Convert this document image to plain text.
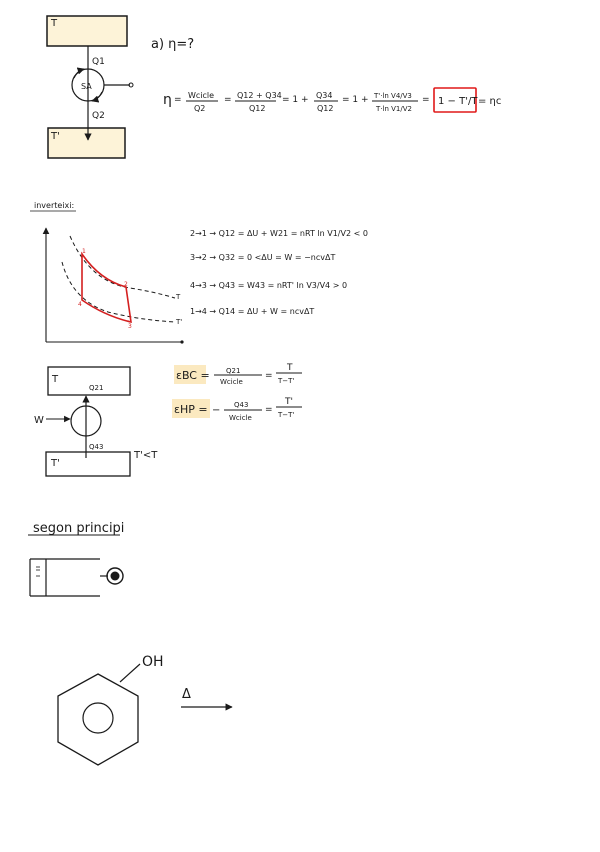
T
T'
SA
Q1
Q2
a) η=?
η = Wcicle
Q2
= Q12 + Q34
Q12
= 1 + Q34
Q12
= 1 + T'·ln V4/V3
T·ln V1/V2
= 1 − T'/T = ηc
inverteixi:
T
T'
1
2
3
4
2→1 → Q12 = ΔU + W21 = nRT ln V1/V2 < 0
3→2 → Q32 = 0 <ΔU = W = −ncvΔT
4→3 → Q43 = W43 = nRT' ln V3/V4 > 0
1→4 → Q14 = ΔU + W = ncvΔT
T
T'
W
Q21
Q43
T'<T
εBC = Q21
Wcicle
=
T
T−T'
εHP = − Q43
Wcicle
=
T'
T−T'
segon principi
OH
Δ
